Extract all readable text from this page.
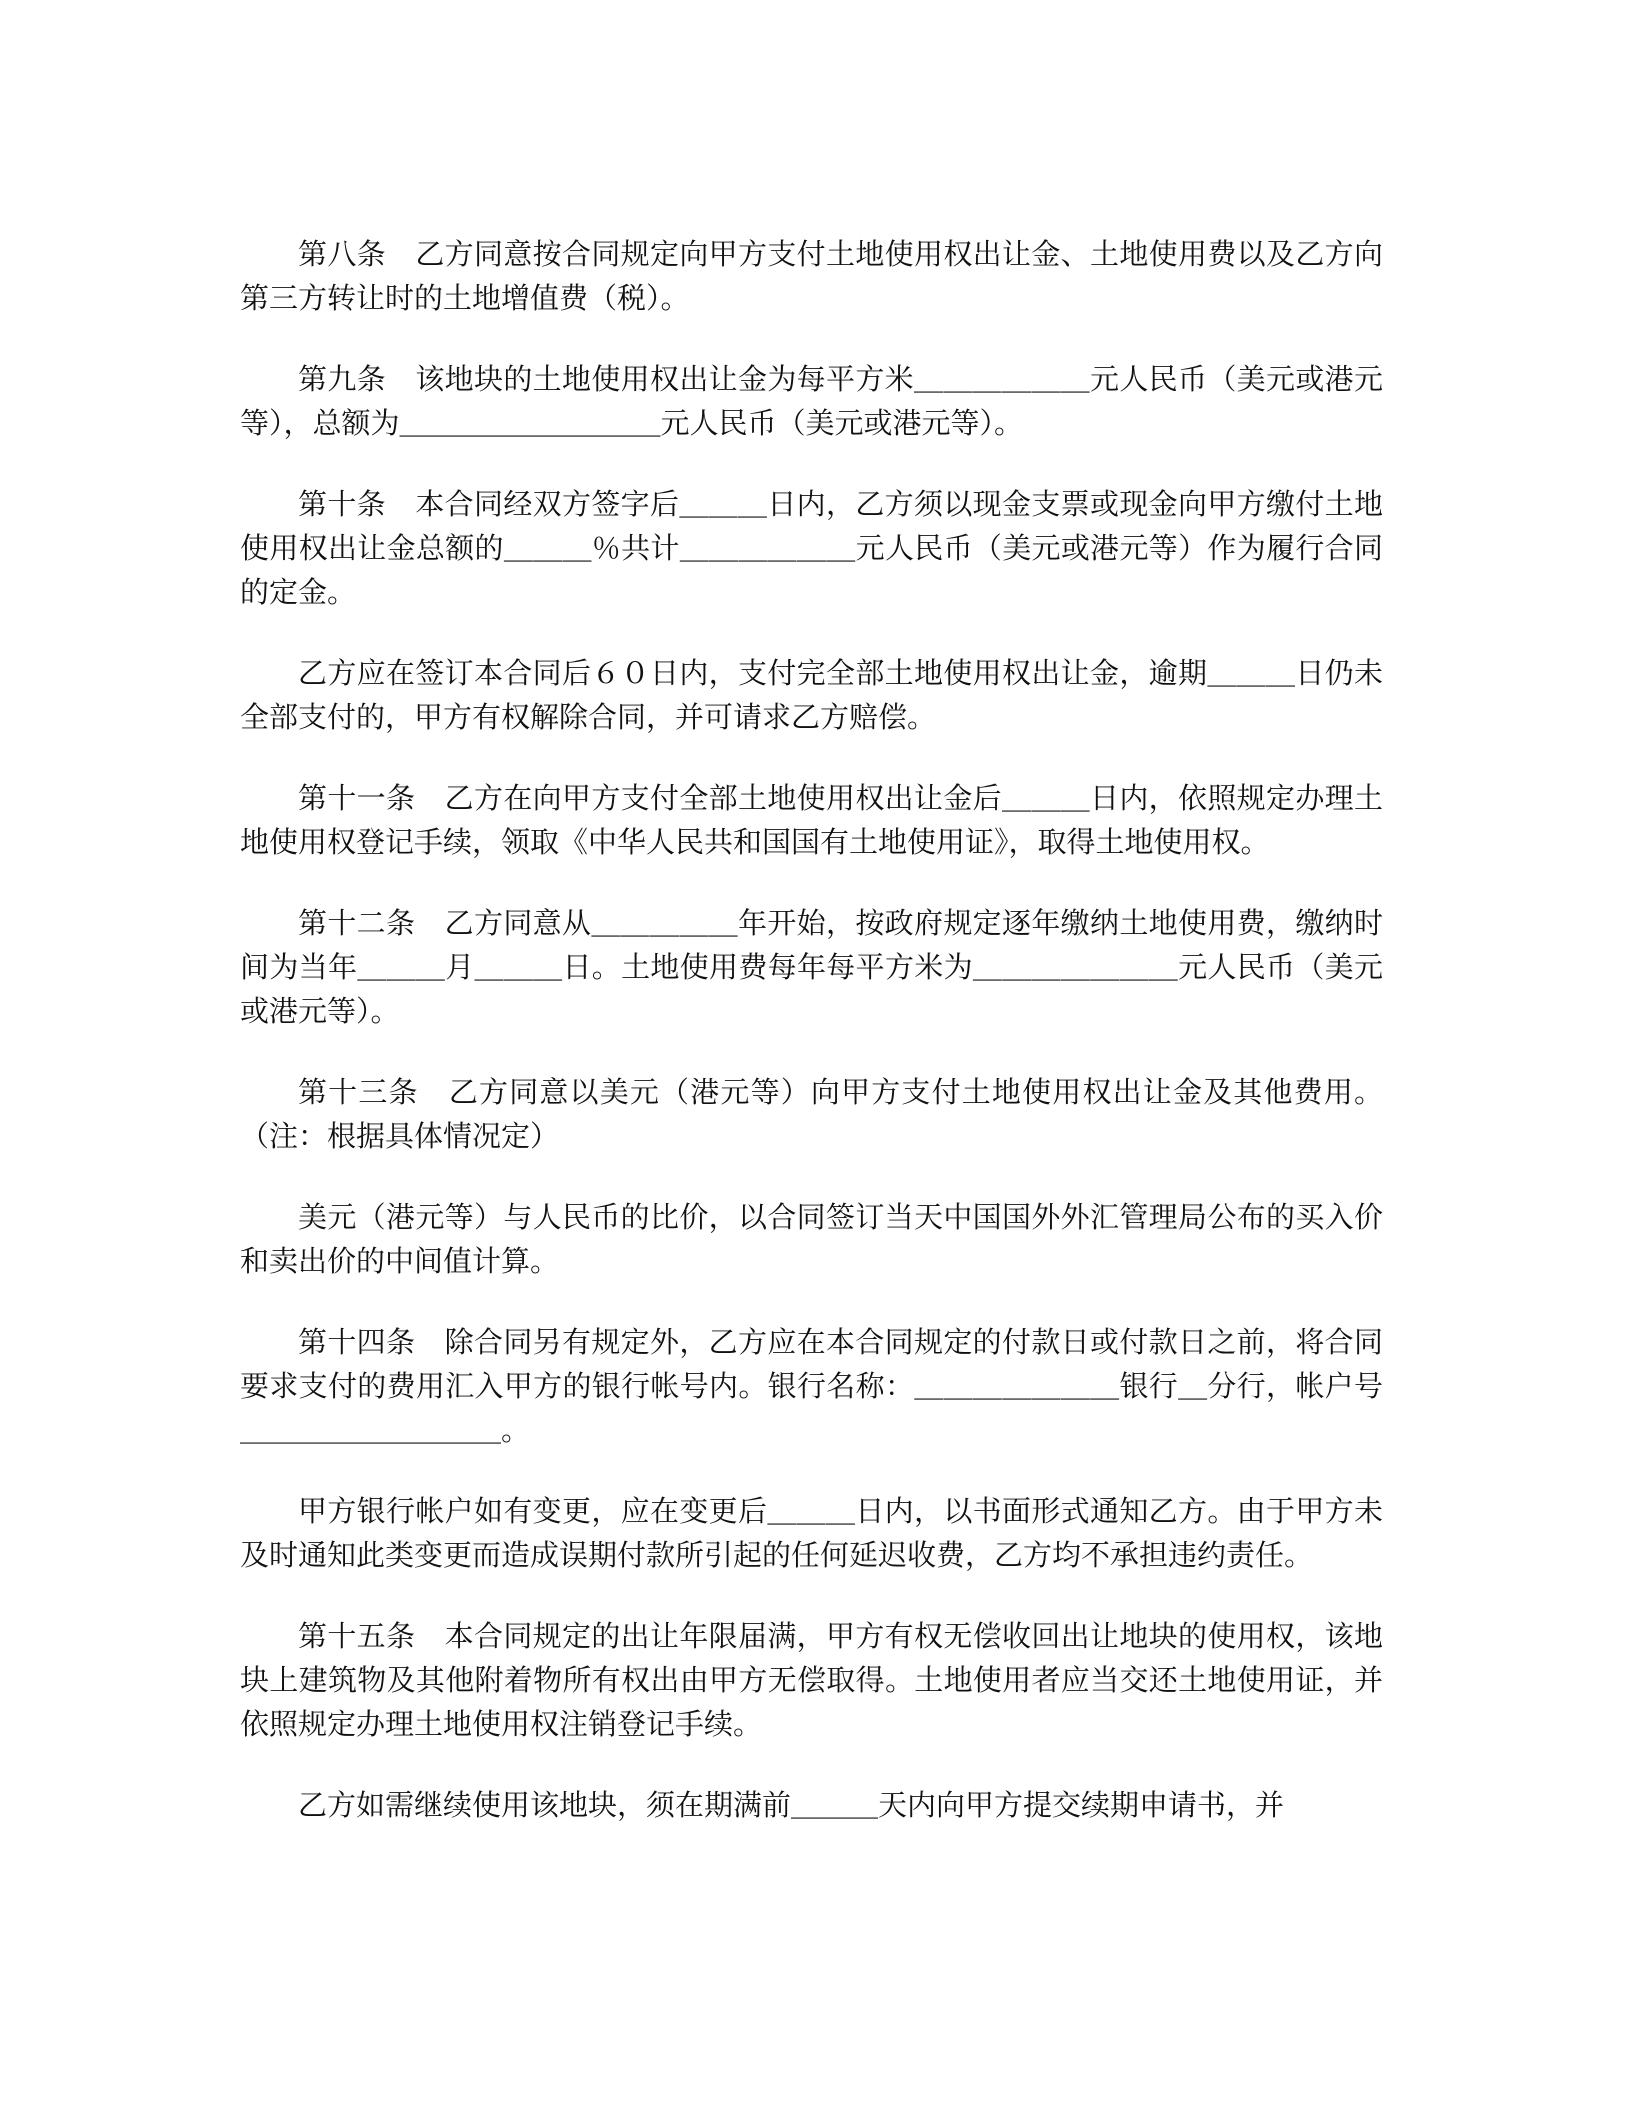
第八条　乙方同意按合同规定向甲方支付土地使用权出让金、土地使用费以及乙方向第三方转让时的土地增值费（税）。

第九条　该地块的土地使用权出让金为每平方米＿＿＿＿＿＿元人民币（美元或港元等），总额为＿＿＿＿＿＿＿＿＿元人民币（美元或港元等）。

第十条　本合同经双方签字后＿＿＿日内，乙方须以现金支票或现金向甲方缴付土地使用权出让金总额的＿＿＿％共计＿＿＿＿＿＿元人民币（美元或港元等）作为履行合同的定金。

乙方应在签订本合同后６０日内，支付完全部土地使用权出让金，逾期＿＿＿日仍未全部支付的，甲方有权解除合同，并可请求乙方赔偿。

第十一条　乙方在向甲方支付全部土地使用权出让金后＿＿＿日内，依照规定办理土地使用权登记手续，领取《中华人民共和国国有土地使用证》，取得土地使用权。

第十二条　乙方同意从＿＿＿＿＿年开始，按政府规定逐年缴纳土地使用费，缴纳时间为当年＿＿＿月＿＿＿日。土地使用费每年每平方米为＿＿＿＿＿＿＿元人民币（美元或港元等）。

第十三条　乙方同意以美元（港元等）向甲方支付土地使用权出让金及其他费用。（注：根据具体情况定）

美元（港元等）与人民币的比价，以合同签订当天中国国外外汇管理局公布的买入价和卖出价的中间值计算。

第十四条　除合同另有规定外，乙方应在本合同规定的付款日或付款日之前，将合同要求支付的费用汇入甲方的银行帐号内。银行名称：＿＿＿＿＿＿＿银行＿分行，帐户号＿＿＿＿＿＿＿＿＿。

甲方银行帐户如有变更，应在变更后＿＿＿日内，以书面形式通知乙方。由于甲方未及时通知此类变更而造成误期付款所引起的任何延迟收费，乙方均不承担违约责任。

第十五条　本合同规定的出让年限届满，甲方有权无偿收回出让地块的使用权，该地块上建筑物及其他附着物所有权出由甲方无偿取得。土地使用者应当交还土地使用证，并依照规定办理土地使用权注销登记手续。

乙方如需继续使用该地块，须在期满前＿＿＿天内向甲方提交续期申请书，并
